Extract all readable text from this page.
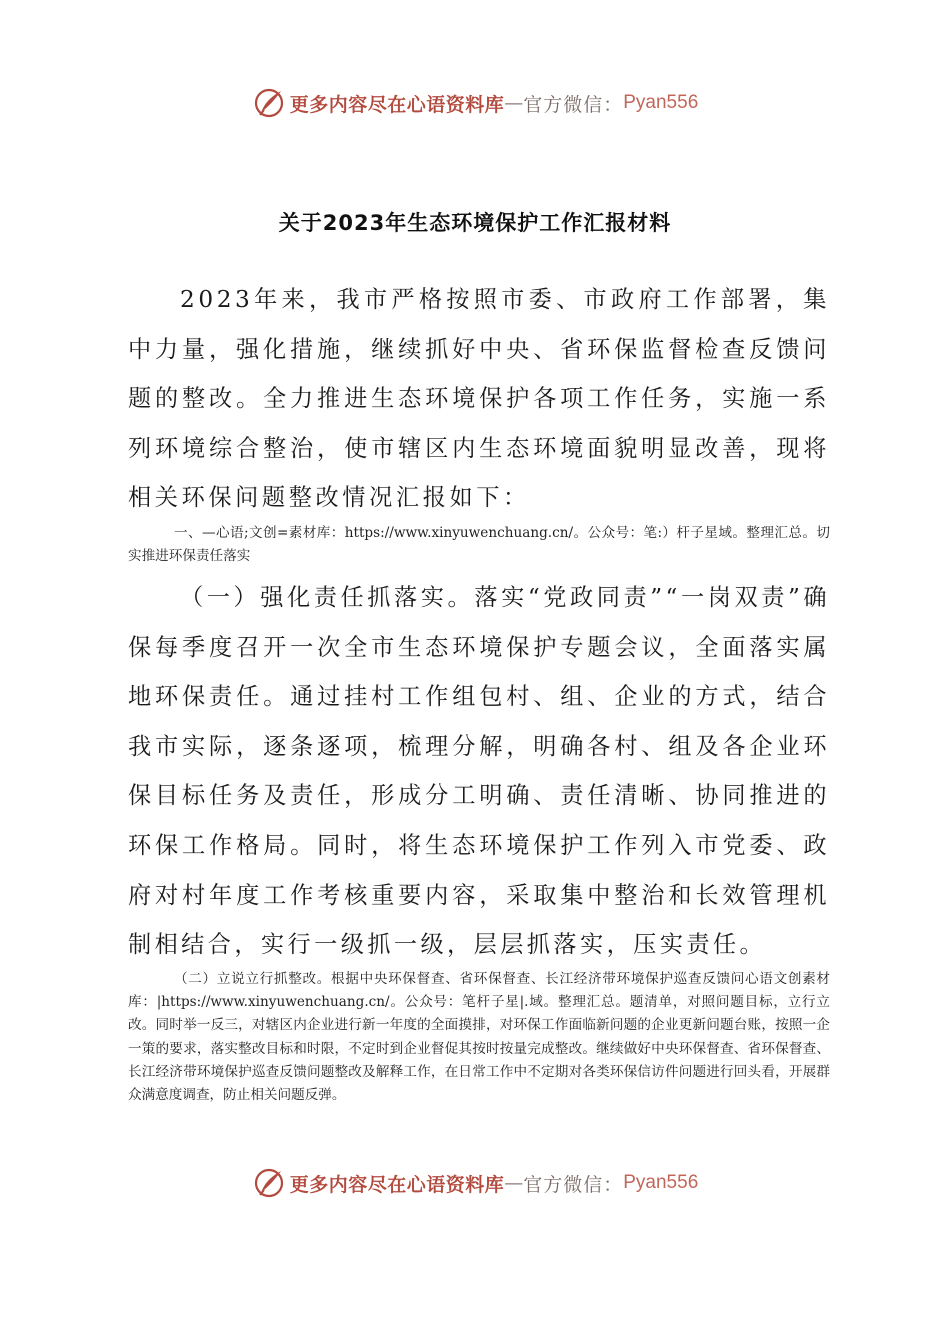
更多内容尽在心语资料库 — 官方微信： Pyan556
关于2023年生态环境保护工作汇报材料

2023年来，我市严格按照市委、市政府工作部署，集中力量，强化措施，继续抓好中央、省环保监督检查反馈问题的整改。全力推进生态环境保护各项工作任务，实施一系列环境综合整治，使市辖区内生态环境面貌明显改善，现将相关环保问题整改情况汇报如下：

一、—心语;文创=素材库：https://www.xinyuwenchuang.cn/。公众号：笔:）杆子星域。整理汇总。切实推进环保责任落实

（一）强化责任抓落实。落实“党政同责”“一岗双责”确保每季度召开一次全市生态环境保护专题会议，全面落实属地环保责任。通过挂村工作组包村、组、企业的方式，结合我市实际，逐条逐项，梳理分解，明确各村、组及各企业环保目标任务及责任，形成分工明确、责任清晰、协同推进的环保工作格局。同时，将生态环境保护工作列入市党委、政府对村年度工作考核重要内容，采取集中整治和长效管理机制相结合，实行一级抓一级，层层抓落实，压实责任。

（二）立说立行抓整改。根据中央环保督查、省环保督查、长江经济带环境保护巡查反馈问心语文创素材库：|https://www.xinyuwenchuang.cn/。公众号：笔杆子星|.域。整理汇总。题清单，对照问题目标，立行立改。同时举一反三，对辖区内企业进行新一年度的全面摸排，对环保工作面临新问题的企业更新问题台账，按照一企一策的要求，落实整改目标和时限，不定时到企业督促其按时按量完成整改。继续做好中央环保督查、省环保督查、长江经济带环境保护巡查反馈问题整改及解释工作，在日常工作中不定期对各类环保信访件问题进行回头看，开展群众满意度调查，防止相关问题反弹。

更多内容尽在心语资料库 — 官方微信： Pyan556
